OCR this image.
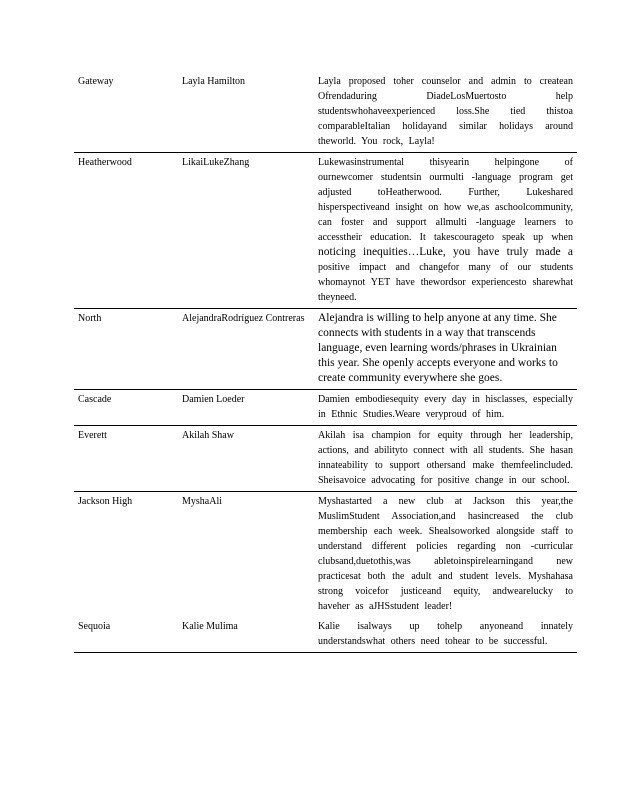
Gateway	Layla Hamilton	Layla proposed toher counselor and admin to createan Ofrendaduring DiadeLosMuertosto help studentswhohaveexperienced loss.She tied thistoa comparableItalian holidayand similar holidays around theworld. You rock, Layla!
Heatherwood	LikaiLukeZhang	Lukewasinstrumental thisyearin helpingone of ournewcomer studentsin ourmulti -language program get adjusted toHeatherwood. Further, Lukeshared hisperspectiveand insight on how we,as aschoolcommunity, can foster and support allmulti -language learners to accesstheir education. It takescourageto speak up when noticing inequities…Luke, you have truly made a positive impact and changefor many of our students whomaynot YET have thewordsor experiencesto sharewhat theyneed.
North	AlejandraRodríguez Contreras	Alejandra is willing to help anyone at any time. She connects with students in a way that transcends language, even learning words/phrases in Ukrainian this year. She openly accepts everyone and works to create community everywhere she goes.
Cascade	Damien Loeder	Damien embodiesequity every day in hisclasses, especially in Ethnic Studies.Weare veryproud of him.
Everett	Akilah Shaw	Akilah isa champion for equity through her leadership, actions, and abilityto connect with all students. She hasan innateability to support othersand make themfeelincluded. Sheisavoice advocating for positive change in our school.
Jackson High	MyshaAli	Myshastarted a new club at Jackson this year,the MuslimStudent Association,and hasincreased the club membership each week. Shealsoworked alongside staff to understand different policies regarding non -curricular clubsand,duetothis,was abletoinspirelearningand new practicesat both the adult and student levels. Myshahasa strong voicefor justiceand equity, andwearelucky to haveher as aJHSstudent leader!
Sequoia	Kalie Mulima	Kalie isalways up tohelp anyoneand innately understandswhat others need tohear to be successful.
